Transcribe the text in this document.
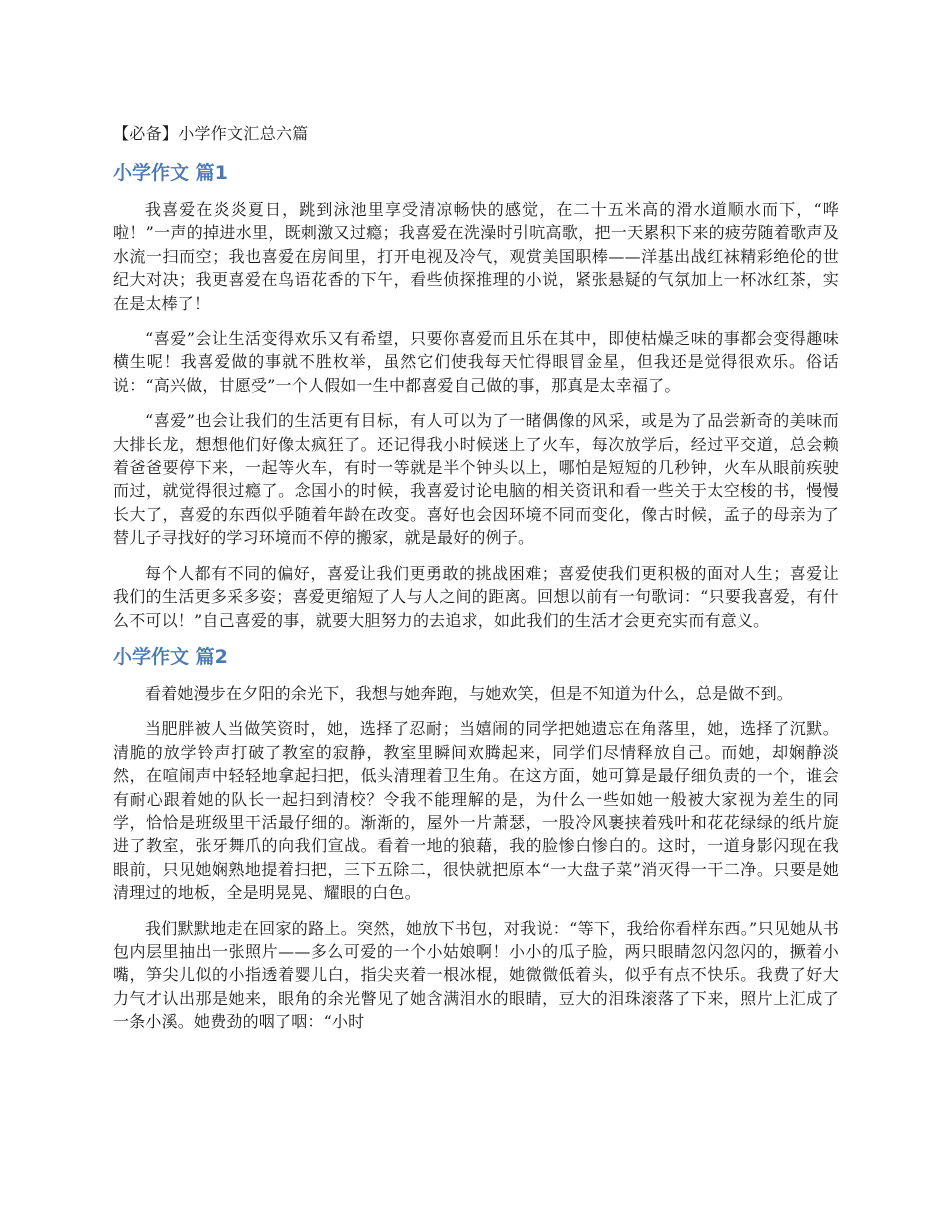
【必备】小学作文汇总六篇
小学作文 篇1

我喜爱在炎炎夏日，跳到泳池里享受清凉畅快的感觉，在二十五米高的滑水道顺水而下，“哗啦！”一声的掉进水里，既刺激又过瘾；我喜爱在洗澡时引吭高歌，把一天累积下来的疲劳随着歌声及水流一扫而空；我也喜爱在房间里，打开电视及冷气，观赏美国职棒——洋基出战红袜精彩绝伦的世纪大对决；我更喜爱在鸟语花香的下午，看些侦探推理的小说，紧张悬疑的气氛加上一杯冰红茶，实在是太棒了！

“喜爱”会让生活变得欢乐又有希望，只要你喜爱而且乐在其中，即使枯燥乏味的事都会变得趣味横生呢！我喜爱做的事就不胜枚举，虽然它们使我每天忙得眼冒金星，但我还是觉得很欢乐。俗话说：“高兴做，甘愿受”一个人假如一生中都喜爱自己做的事，那真是太幸福了。

“喜爱”也会让我们的生活更有目标，有人可以为了一睹偶像的风采，或是为了品尝新奇的美味而大排长龙，想想他们好像太疯狂了。还记得我小时候迷上了火车，每次放学后，经过平交道，总会赖着爸爸要停下来，一起等火车，有时一等就是半个钟头以上，哪怕是短短的几秒钟，火车从眼前疾驶而过，就觉得很过瘾了。念国小的时候，我喜爱讨论电脑的相关资讯和看一些关于太空梭的书，慢慢长大了，喜爱的东西似乎随着年龄在改变。喜好也会因环境不同而变化，像古时候，孟子的母亲为了替儿子寻找好的学习环境而不停的搬家，就是最好的例子。

每个人都有不同的偏好，喜爱让我们更勇敢的挑战困难；喜爱使我们更积极的面对人生；喜爱让我们的生活更多采多姿；喜爱更缩短了人与人之间的距离。回想以前有一句歌词：“只要我喜爱，有什么不可以！”自己喜爱的事，就要大胆努力的去追求，如此我们的生活才会更充实而有意义。

小学作文 篇2

看着她漫步在夕阳的余光下，我想与她奔跑，与她欢笑，但是不知道为什么，总是做不到。

当肥胖被人当做笑资时，她，选择了忍耐；当嬉闹的同学把她遗忘在角落里，她，选择了沉默。清脆的放学铃声打破了教室的寂静，教室里瞬间欢腾起来，同学们尽情释放自己。而她，却娴静淡然，在喧闹声中轻轻地拿起扫把，低头清理着卫生角。在这方面，她可算是最仔细负责的一个，谁会有耐心跟着她的队长一起扫到清校？令我不能理解的是，为什么一些如她一般被大家视为差生的同学，恰恰是班级里干活最仔细的。渐渐的，屋外一片萧瑟，一股冷风裹挟着残叶和花花绿绿的纸片旋进了教室，张牙舞爪的向我们宣战。看着一地的狼藉，我的脸惨白惨白的。这时，一道身影闪现在我眼前，只见她娴熟地提着扫把，三下五除二，很快就把原本“一大盘子菜”消灭得一干二净。只要是她清理过的地板，全是明晃晃、耀眼的白色。

我们默默地走在回家的路上。突然，她放下书包，对我说：“等下，我给你看样东西。”只见她从书包内层里抽出一张照片——多么可爱的一个小姑娘啊！小小的瓜子脸，两只眼睛忽闪忽闪的，撅着小嘴，笋尖儿似的小指透着婴儿白，指尖夹着一根冰棍，她微微低着头，似乎有点不快乐。我费了好大力气才认出那是她来，眼角的余光瞥见了她含满泪水的眼睛，豆大的泪珠滚落了下来，照片上汇成了一条小溪。她费劲的咽了咽：“小时
